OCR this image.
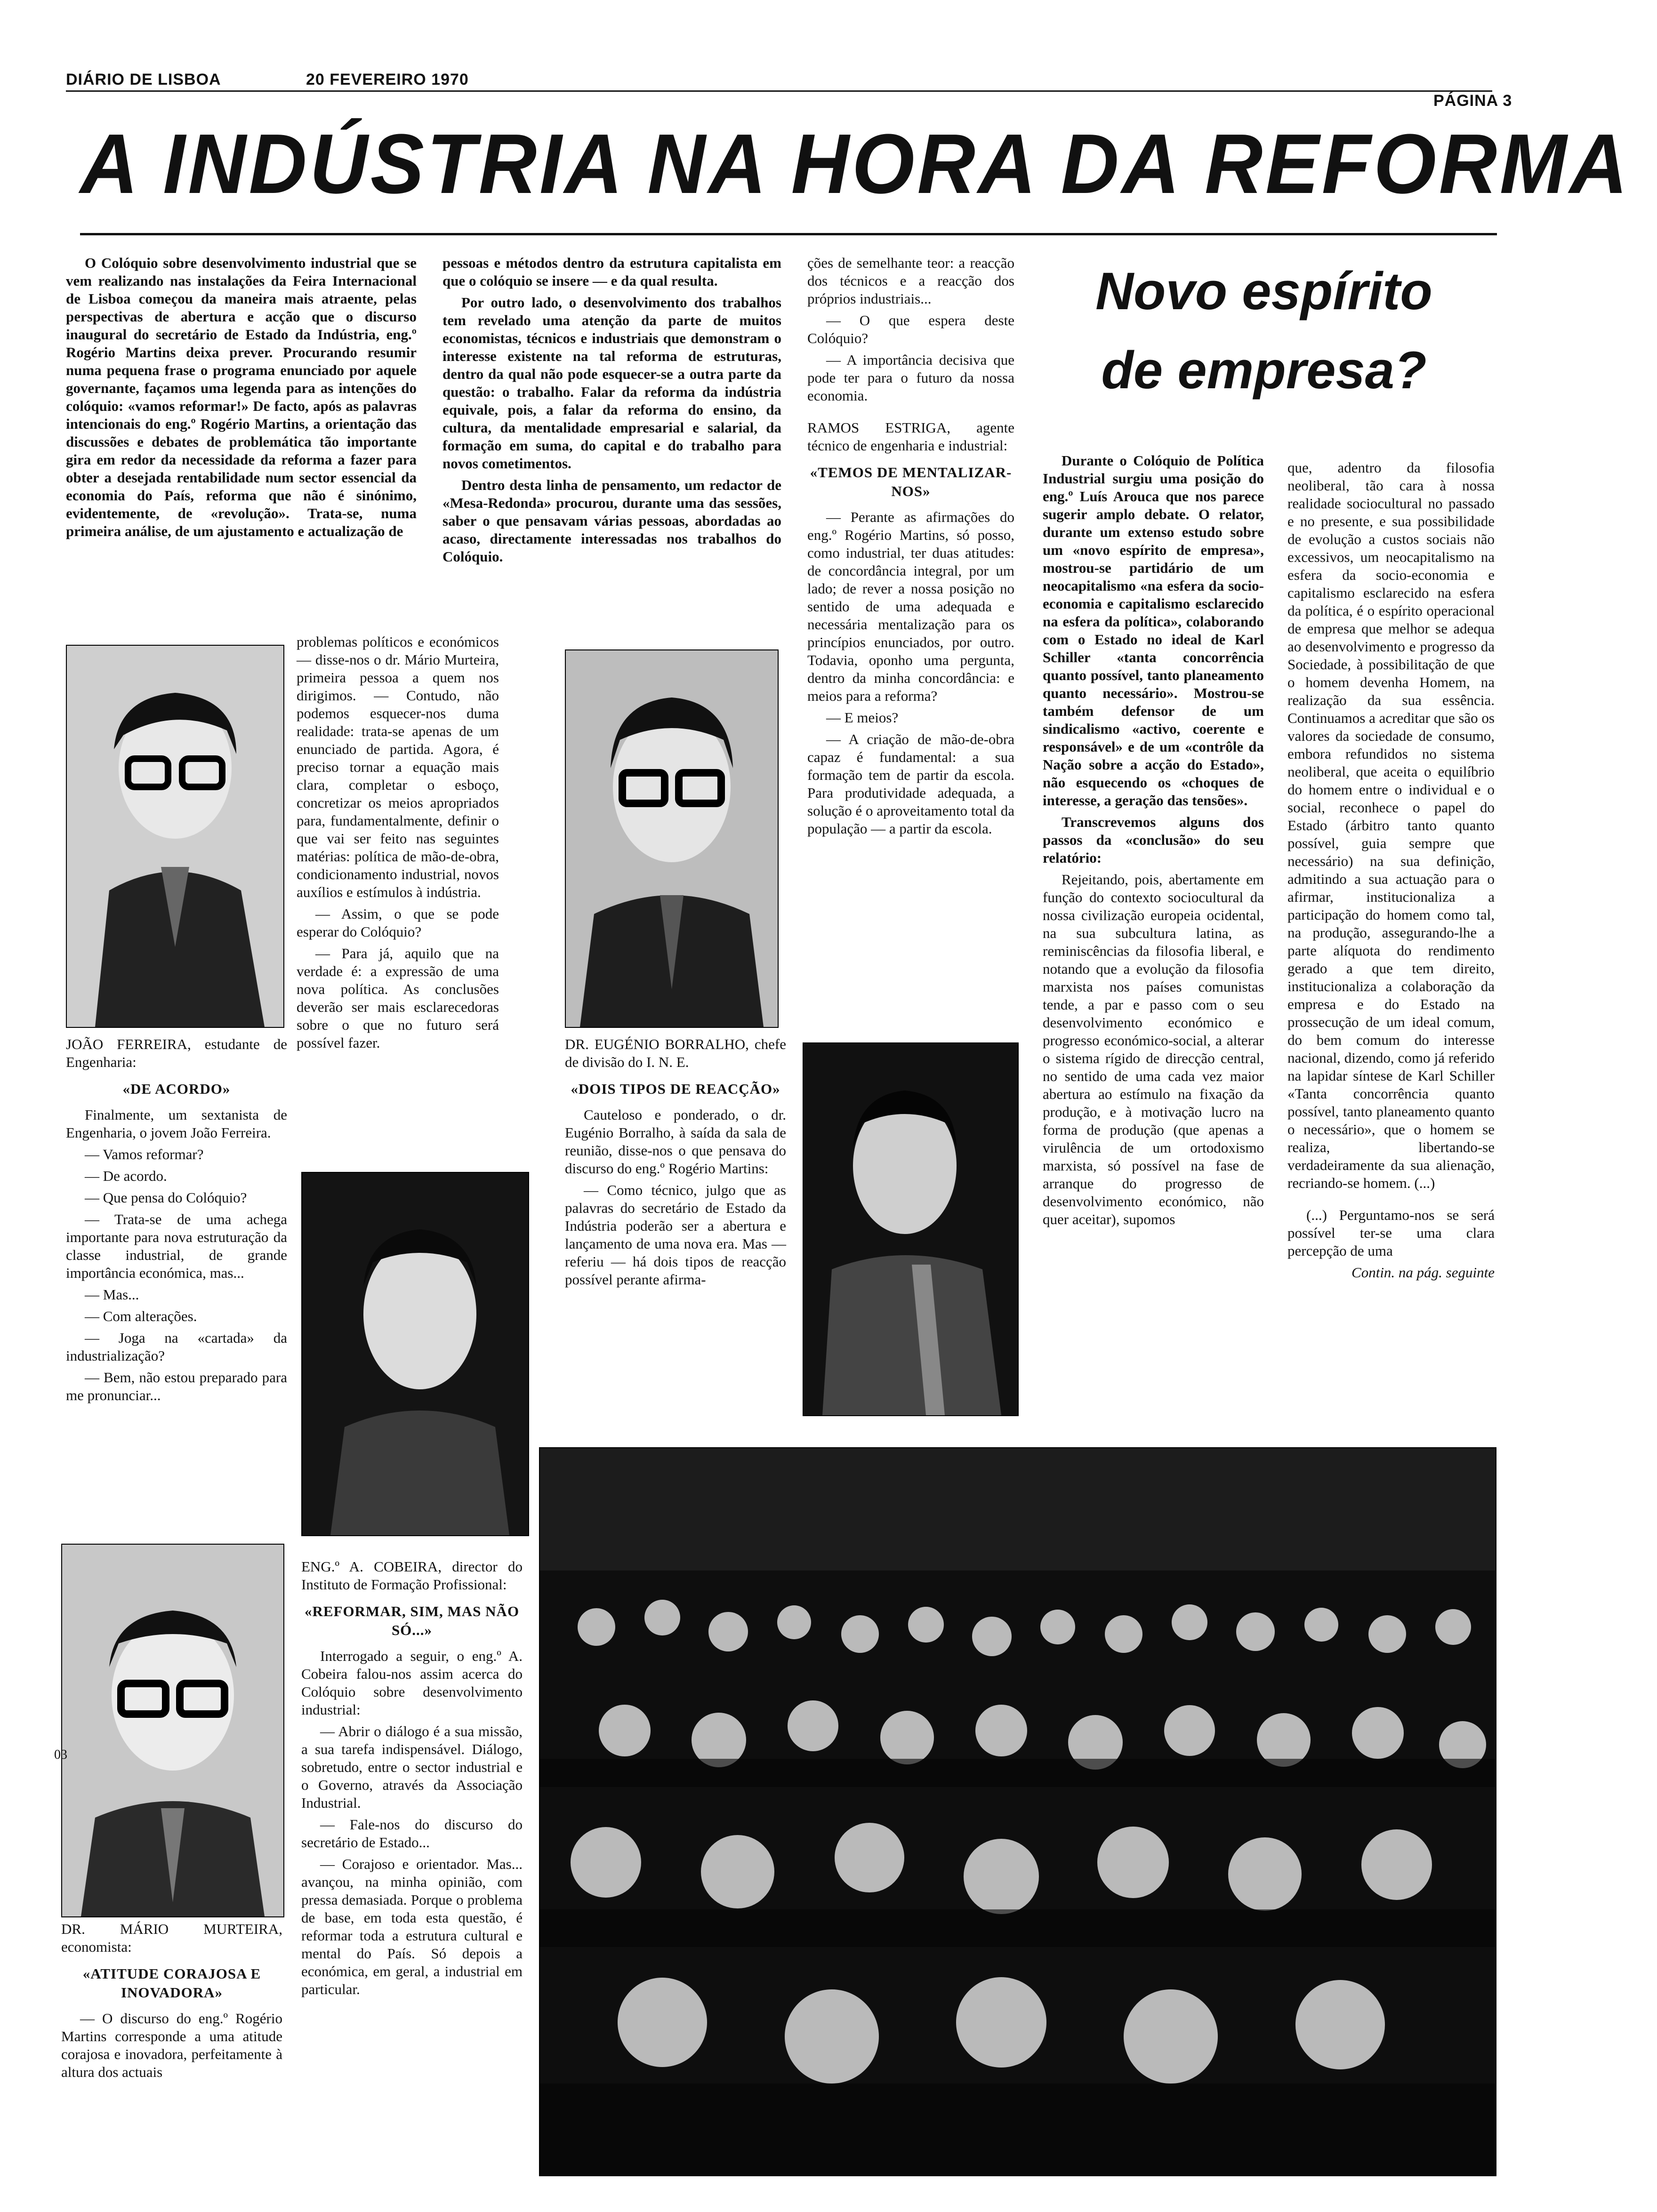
DIÁRIO DE LISBOA	20 FEVEREIRO 1970
PÁGINA 3
A INDÚSTRIA NA HORA DA REFORMA

O Colóquio sobre desenvolvimento industrial que se vem realizando nas instalações da Feira Internacional de Lisboa começou da maneira mais atraente, pelas perspectivas de abertura e acção que o discurso inaugural do secretário de Estado da Indústria, eng.º Rogério Martins deixa prever. Procurando resumir numa pequena frase o programa enunciado por aquele governante, façamos uma legenda para as intenções do colóquio: «vamos reformar!» De facto, após as palavras intencionais do eng.º Rogério Martins, a orientação das discussões e debates de problemática tão importante gira em redor da necessidade da reforma a fazer para obter a desejada rentabilidade num sector essencial da economia do País, reforma que não é sinónimo, evidentemente, de «revolução». Trata-se, numa primeira análise, de um ajustamento e actualização de

pessoas e métodos dentro da estrutura capitalista em que o colóquio se insere — e da qual resulta.

Por outro lado, o desenvolvimento dos trabalhos tem revelado uma atenção da parte de muitos economistas, técnicos e industriais que demonstram o interesse existente na tal reforma de estruturas, dentro da qual não pode esquecer-se a outra parte da questão: o trabalho. Falar da reforma da indústria equivale, pois, a falar da reforma do ensino, da cultura, da mentalidade empresarial e salarial, da formação em suma, do capital e do trabalho para novos cometimentos.

Dentro desta linha de pensamento, um redactor de «Mesa-Redonda» procurou, durante uma das sessões, saber o que pensavam várias pessoas, abordadas ao acaso, directamente interessadas nos trabalhos do Colóquio.

ções de semelhante teor: a reacção dos técnicos e a reacção dos próprios industriais...

— O que espera deste Colóquio?

— A importância decisiva que pode ter para o futuro da nossa economia.

RAMOS ESTRIGA, agente técnico de engenharia e industrial:

«TEMOS DE MENTALIZAR-NOS»

— Perante as afirmações do eng.º Rogério Martins, só posso, como industrial, ter duas atitudes: de concordância integral, por um lado; de rever a nossa posição no sentido de uma adequada e necessária mentalização para os princípios enunciados, por outro. Todavia, oponho uma pergunta, dentro da minha concordância: e meios para a reforma?

— E meios?

— A criação de mão-de-obra capaz é fundamental: a sua formação tem de partir da escola. Para produtividade adequada, a solução é o aproveitamento total da população — a partir da escola.

Novo espírito
de empresa?

Durante o Colóquio de Política Industrial surgiu uma posição do eng.º Luís Arouca que nos parece sugerir amplo debate. O relator, durante um extenso estudo sobre um «novo espírito de empresa», mostrou-se partidário de um neocapitalismo «na esfera da socio-economia e capitalismo esclarecido na esfera da política», colaborando com o Estado no ideal de Karl Schiller «tanta concorrência quanto possível, tanto planeamento quanto necessário». Mostrou-se também defensor de um sindicalismo «activo, coerente e responsável» e de um «contrôle da Nação sobre a acção do Estado», não esquecendo os «choques de interesse, a geração das tensões».

Transcrevemos alguns dos passos da «conclusão» do seu relatório:

Rejeitando, pois, abertamente em função do contexto sociocultural da nossa civilização europeia ocidental, na sua subcultura latina, as reminiscências da filosofia liberal, e notando que a evolução da filosofia marxista nos países comunistas tende, a par e passo com o seu desenvolvimento económico e progresso económico-social, a alterar o sistema rígido de direcção central, no sentido de uma cada vez maior abertura ao estímulo na fixação da produção, e à motivação lucro na forma de produção (que apenas a virulência de um ortodoxismo marxista, só possível na fase de arranque do progresso de desenvolvimento económico, não quer aceitar), supomos

que, adentro da filosofia neoliberal, tão cara à nossa realidade sociocultural no passado e no presente, e sua possibilidade de evolução a custos sociais não excessivos, um neocapitalismo na esfera da socio-economia e capitalismo esclarecido na esfera da política, é o espírito operacional de empresa que melhor se adequa ao desenvolvimento e progresso da Sociedade, à possibilitação de que o homem devenha Homem, na realização da sua essência. Continuamos a acreditar que são os valores da sociedade de consumo, embora refundidos no sistema neoliberal, que aceita o equilíbrio do homem entre o individual e o social, reconhece o papel do Estado (árbitro tanto quanto possível, guia sempre que necessário) na sua definição, admitindo a sua actuação para o afirmar, institucionaliza a participação do homem como tal, na produção, assegurando-lhe a parte alíquota do rendimento gerado a que tem direito, institucionaliza a colaboração da empresa e do Estado na prossecução de um ideal comum, do bem comum do interesse nacional, dizendo, como já referido na lapidar síntese de Karl Schiller «Tanta concorrência quanto possível, tanto planeamento quanto o necessário», que o homem se realiza, libertando-se verdadeiramente da sua alienação, recriando-se homem. (...)

(...) Perguntamo-nos se será possível ter-se uma clara percepção de uma

Contin. na pág. seguinte

JOÃO FERREIRA, estudante de Engenharia:

«DE ACORDO»

Finalmente, um sextanista de Engenharia, o jovem João Ferreira.

— Vamos reformar?

— De acordo.

— Que pensa do Colóquio?

— Trata-se de uma achega importante para nova estruturação da classe industrial, de grande importância económica, mas...

— Mas...

— Com alterações.

— Joga na «cartada» da industrialização?

— Bem, não estou preparado para me pronunciar...

problemas políticos e económicos — disse-nos o dr. Mário Murteira, primeira pessoa a quem nos dirigimos. — Contudo, não podemos esquecer-nos duma realidade: trata-se apenas de um enunciado de partida. Agora, é preciso tornar a equação mais clara, completar o esboço, concretizar os meios apropriados para, fundamentalmente, definir o que vai ser feito nas seguintes matérias: política de mão-de-obra, condicionamento industrial, novos auxílios e estímulos à indústria.

— Assim, o que se pode esperar do Colóquio?

— Para já, aquilo que na verdade é: a expressão de uma nova política. As conclusões deverão ser mais esclarecedoras sobre o que no futuro será possível fazer.	DR. EUGÉNIO BORRALHO, chefe de divisão do I. N. E.

«DOIS TIPOS DE REACÇÃO»

Cauteloso e ponderado, o dr. Eugénio Borralho, à saída da sala de reunião, disse-nos o que pensava do discurso do eng.º Rogério Martins:

— Como técnico, julgo que as palavras do secretário de Estado da Indústria poderão ser a abertura e lançamento de uma nova era. Mas — referiu — há dois tipos de reacção possível perante afirma-

ENG.º A. COBEIRA, director do Instituto de Formação Profissional:

«REFORMAR, SIM, MAS NÃO SÓ...»

Interrogado a seguir, o eng.º A. Cobeira falou-nos assim acerca do Colóquio sobre desenvolvimento industrial:

— Abrir o diálogo é a sua missão, a sua tarefa indispensável. Diálogo, sobretudo, entre o sector industrial e o Governo, através da Associação Industrial.

— Fale-nos do discurso do secretário de Estado...

— Corajoso e orientador. Mas... avançou, na minha opinião, com pressa demasiada. Porque o problema de base, em toda esta questão, é reformar toda a estrutura cultural e mental do País. Só depois a económica, em geral, a industrial em particular.

03

DR. MÁRIO MURTEIRA, economista:

«ATITUDE CORAJOSA E INOVADORA»

— O discurso do eng.º Rogério Martins corresponde a uma atitude corajosa e inovadora, perfeitamente à altura dos actuais
